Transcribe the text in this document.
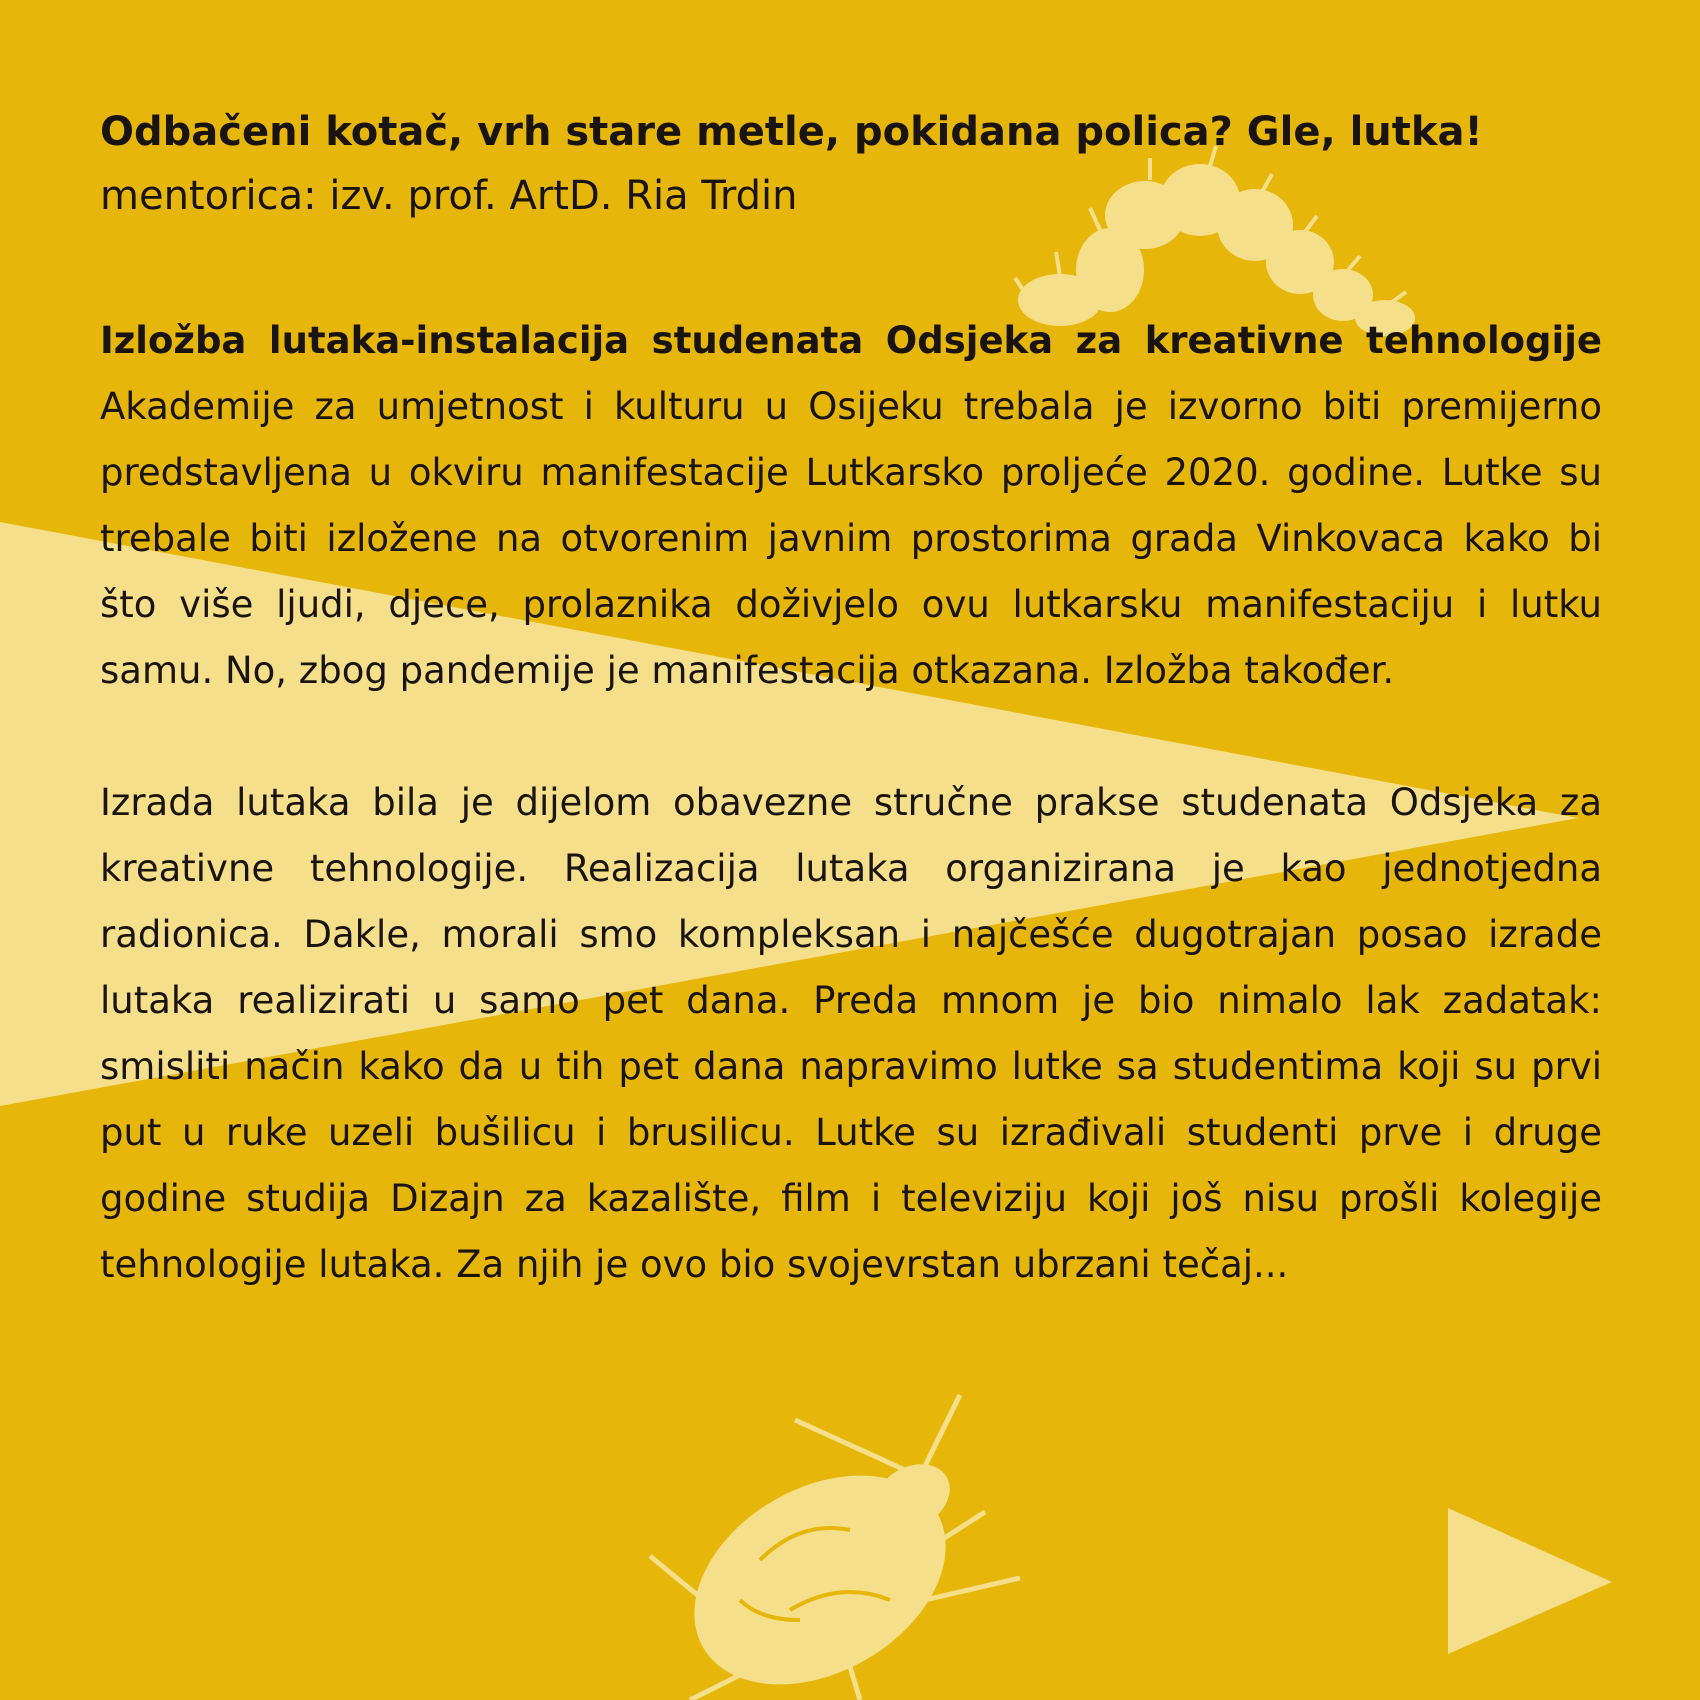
Odbačeni kotač, vrh stare metle, pokidana polica? Gle, lutka!

mentorica: izv. prof. ArtD. Ria Trdin

Izložba lutaka-instalacija studenata Odsjeka za kreativne tehnologije Akademije za umjetnost i kulturu u Osijeku trebala je izvorno biti premijerno predstavljena u okviru manifestacije Lutkarsko proljeće 2020. godine. Lutke su trebale biti izložene na otvorenim javnim prostorima grada Vinkovaca kako bi što više ljudi, djece, prolaznika doživjelo ovu lutkarsku manifestaciju i lutku samu. No, zbog pandemije je manifestacija otkazana. Izložba također.

Izrada lutaka bila je dijelom obavezne stručne prakse studenata Odsjeka za kreativne tehnologije. Realizacija lutaka organizirana je kao jednotjedna radionica. Dakle, morali smo kompleksan i najčešće dugotrajan posao izrade lutaka realizirati u samo pet dana. Preda mnom je bio nimalo lak zadatak: smisliti način kako da u tih pet dana napravimo lutke sa studentima koji su prvi put u ruke uzeli bušilicu i brusilicu. Lutke su izrađivali studenti prve i druge godine studija Dizajn za kazalište, film i televiziju koji još nisu prošli kolegije tehnologije lutaka. Za njih je ovo bio svojevrstan ubrzani tečaj...
